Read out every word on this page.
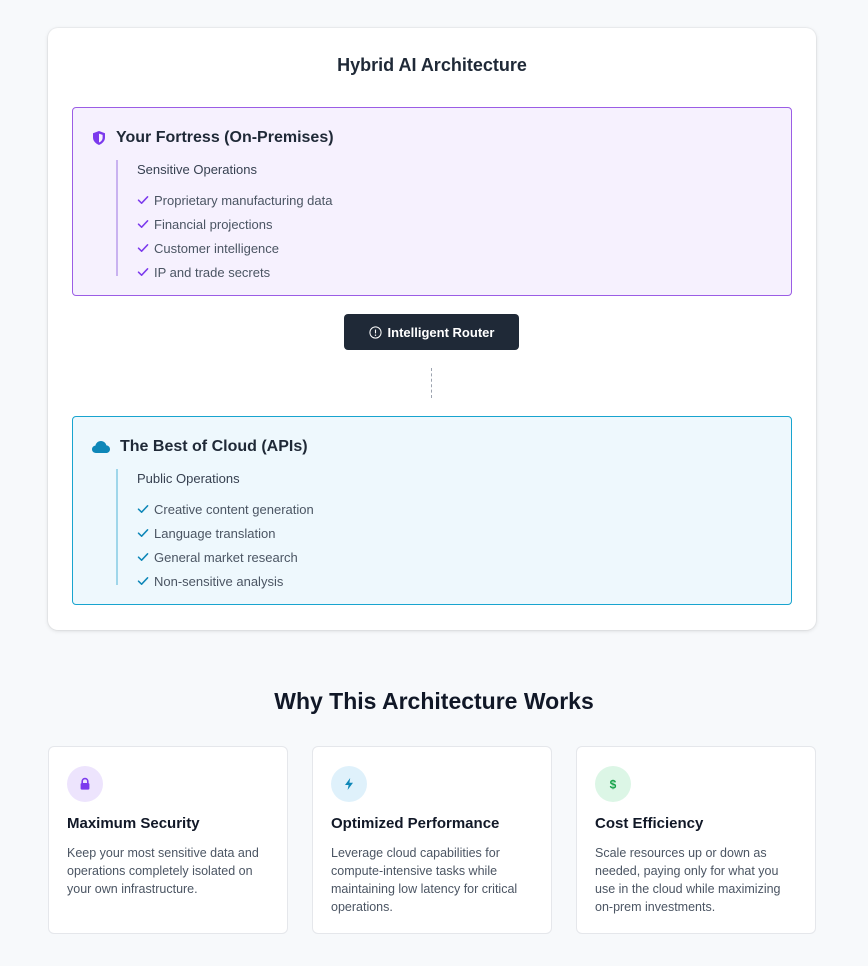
Hybrid AI Architecture
Your Fortress (On-Premises)
Sensitive Operations
Proprietary manufacturing data
Financial projections
Customer intelligence
IP and trade secrets
Intelligent Router
The Best of Cloud (APIs)
Public Operations
Creative content generation
Language translation
General market research
Non-sensitive analysis
Why This Architecture Works
Maximum Security
Keep your most sensitive data and operations completely isolated on your own infrastructure.
Optimized Performance
Leverage cloud capabilities for compute-intensive tasks while maintaining low latency for critical operations.
$
Cost Efficiency
Scale resources up or down as needed, paying only for what you use in the cloud while maximizing on-prem investments.
